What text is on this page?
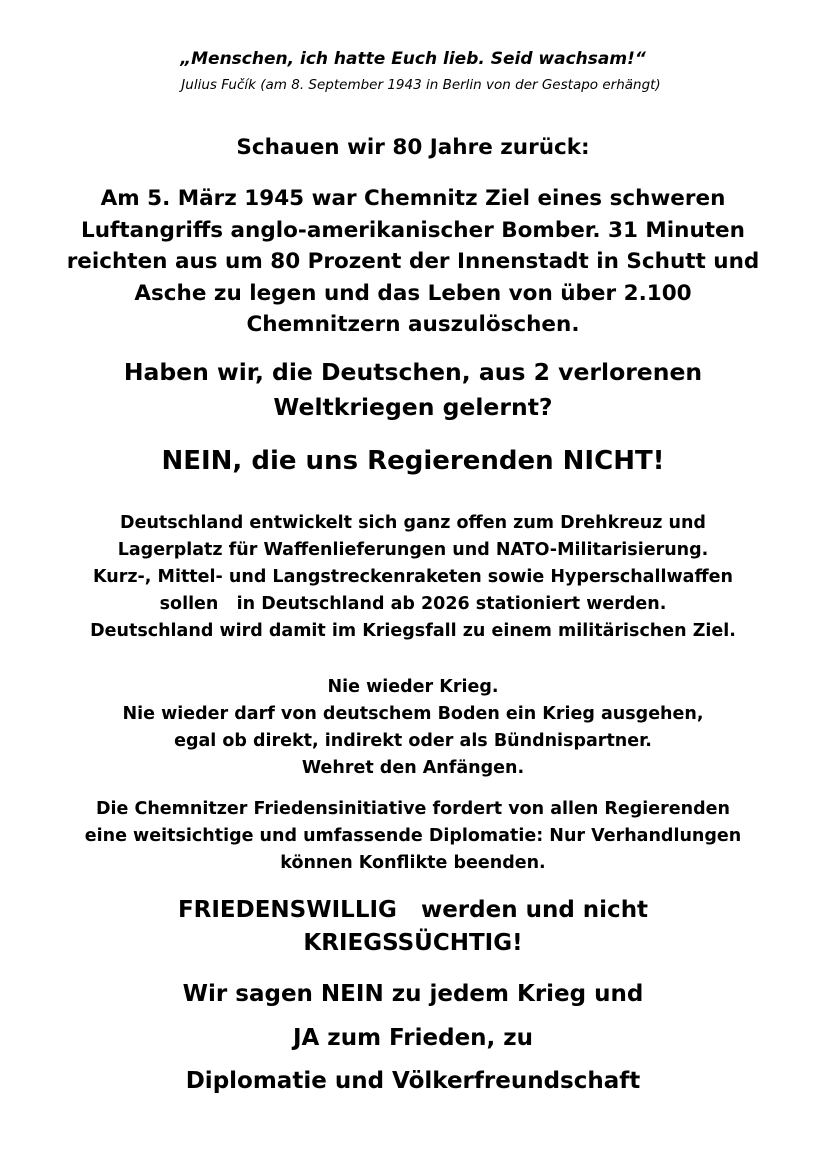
„Menschen, ich hatte Euch lieb. Seid wachsam!“
Julius Fučík (am 8. September 1943 in Berlin von der Gestapo erhängt)
Schauen wir 80 Jahre zurück:
Am 5. März 1945 war Chemnitz Ziel eines schweren
Luftangriffs anglo-amerikanischer Bomber. 31 Minuten
reichten aus um 80 Prozent der Innenstadt in Schutt und
Asche zu legen und das Leben von über 2.100
Chemnitzern auszulöschen.
Haben wir, die Deutschen, aus 2 verlorenen
Weltkriegen gelernt?
NEIN, die uns Regierenden NICHT!
Deutschland entwickelt sich ganz offen zum Drehkreuz und
Lagerplatz für Waffenlieferungen und NATO-Militarisierung.
Kurz-, Mittel- und Langstreckenraketen sowie Hyperschallwaffen
sollen   in Deutschland ab 2026 stationiert werden.
Deutschland wird damit im Kriegsfall zu einem militärischen Ziel.
Nie wieder Krieg.
Nie wieder darf von deutschem Boden ein Krieg ausgehen,
egal ob direkt, indirekt oder als Bündnispartner.
Wehret den Anfängen.
Die Chemnitzer Friedensinitiative fordert von allen Regierenden
eine weitsichtige und umfassende Diplomatie: Nur Verhandlungen
können Konflikte beenden.
FRIEDENSWILLIG   werden und nicht
KRIEGSSÜCHTIG!
Wir sagen NEIN zu jedem Krieg und
JA zum Frieden, zu
Diplomatie und Völkerfreundschaft
